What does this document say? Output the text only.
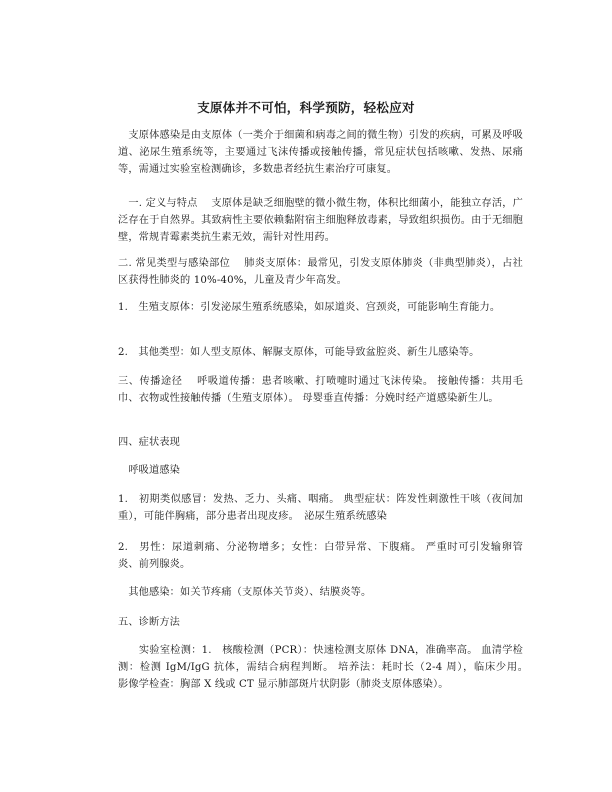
支原体并不可怕，科学预防，轻松应对
　支原体感染是由支原体（一类介于细菌和病毒之间的微生物）引发的疾病，可累及呼吸道、泌尿生殖系统等，主要通过飞沫传播或接触传播，常见症状包括咳嗽、发热、尿痛等，需通过实验室检测确诊，多数患者经抗生素治疗可康复。
　一. 定义与特点　 支原体是缺乏细胞壁的微小微生物，体积比细菌小，能独立存活，广泛存在于自然界。其致病性主要依赖黏附宿主细胞释放毒素，导致组织损伤。由于无细胞壁，常规青霉素类抗生素无效，需针对性用药。
二. 常见类型与感染部位　 肺炎支原体：最常见，引发支原体肺炎（非典型肺炎），占社区获得性肺炎的 10%-40%，儿童及青少年高发。
1.　生殖支原体：引发泌尿生殖系统感染，如尿道炎、宫颈炎，可能影响生育能力。
2.　其他类型：如人型支原体、解脲支原体，可能导致盆腔炎、新生儿感染等。
三、传播途径　 呼吸道传播：患者咳嗽、打喷嚏时通过飞沫传染。 接触传播：共用毛巾、衣物或性接触传播（生殖支原体）。 母婴垂直传播：分娩时经产道感染新生儿。
四、症状表现
　呼吸道感染
1.　初期类似感冒：发热、乏力、头痛、咽痛。 典型症状：阵发性刺激性干咳（夜间加重），可能伴胸痛，部分患者出现皮疹。　泌尿生殖系统感染
2.　男性：尿道刺痛、分泌物增多；女性：白带异常、下腹痛。 严重时可引发输卵管炎、前列腺炎。
　其他感染：如关节疼痛（支原体关节炎）、结膜炎等。
五、诊断方法
　　实验室检测：1.　核酸检测（PCR）：快速检测支原体 DNA，准确率高。 血清学检测：检测 IgM/IgG 抗体，需结合病程判断。 培养法：耗时长（2-4 周），临床少用。　影像学检查：胸部 X 线或 CT 显示肺部斑片状阴影（肺炎支原体感染）。
